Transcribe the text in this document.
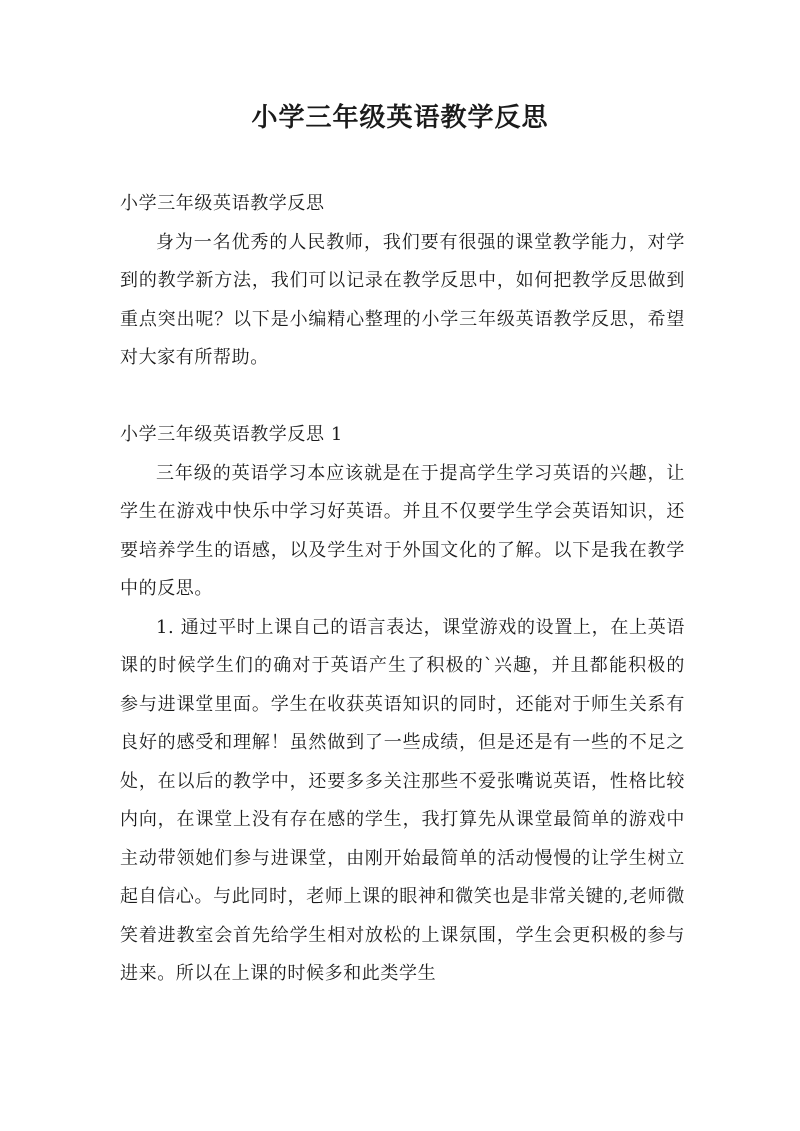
小学三年级英语教学反思

小学三年级英语教学反思

身为一名优秀的人民教师，我们要有很强的课堂教学能力，对学到的教学新方法，我们可以记录在教学反思中，如何把教学反思做到重点突出呢？以下是小编精心整理的小学三年级英语教学反思，希望对大家有所帮助。

小学三年级英语教学反思 1

三年级的英语学习本应该就是在于提高学生学习英语的兴趣，让学生在游戏中快乐中学习好英语。并且不仅要学生学会英语知识，还要培养学生的语感，以及学生对于外国文化的了解。以下是我在教学中的反思。

1. 通过平时上课自己的语言表达，课堂游戏的设置上，在上英语课的时候学生们的确对于英语产生了积极的`兴趣，并且都能积极的参与进课堂里面。学生在收获英语知识的同时，还能对于师生关系有良好的感受和理解！虽然做到了一些成绩，但是还是有一些的不足之处，在以后的教学中，还要多多关注那些不爱张嘴说英语，性格比较内向，在课堂上没有存在感的学生，我打算先从课堂最简单的游戏中主动带领她们参与进课堂，由刚开始最简单的活动慢慢的让学生树立起自信心。与此同时，老师上课的眼神和微笑也是非常关键的,老师微笑着进教室会首先给学生相对放松的上课氛围，学生会更积极的参与进来。所以在上课的时候多和此类学生
